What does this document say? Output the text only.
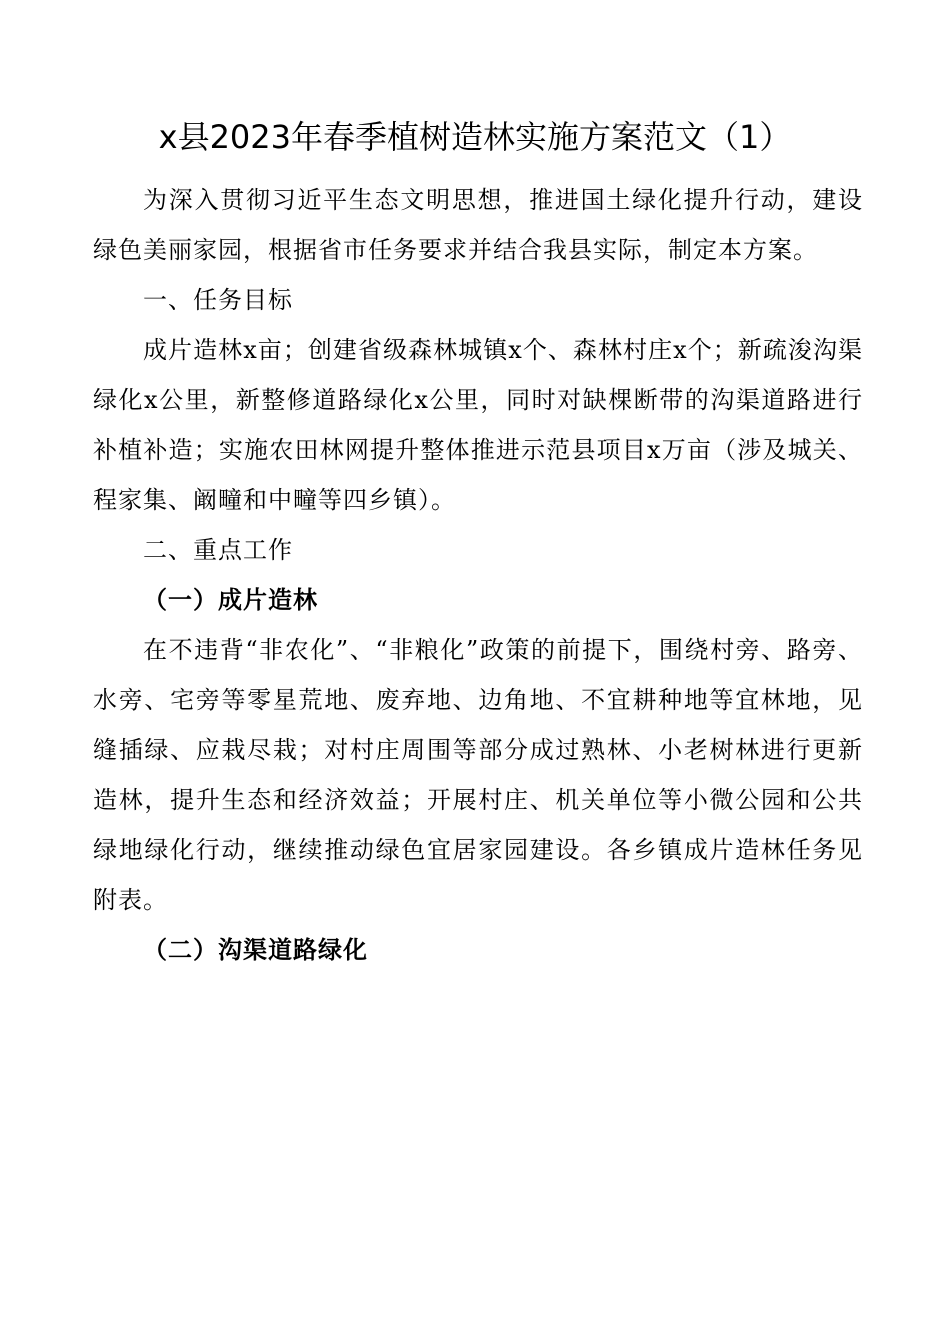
x县2023年春季植树造林实施方案范文（1）

为深入贯彻习近平生态文明思想，推进国土绿化提升行动，建设绿色美丽家园，根据省市任务要求并结合我县实际，制定本方案。

一、任务目标

成片造林x亩；创建省级森林城镇x个、森林村庄x个；新疏浚沟渠绿化x公里，新整修道路绿化x公里，同时对缺棵断带的沟渠道路进行补植补造；实施农田林网提升整体推进示范县项目x万亩（涉及城关、程家集、阚疃和中疃等四乡镇）。

二、重点工作

（一）成片造林

在不违背“非农化”、“非粮化”政策的前提下，围绕村旁、路旁、水旁、宅旁等零星荒地、废弃地、边角地、不宜耕种地等宜林地，见缝插绿、应栽尽栽；对村庄周围等部分成过熟林、小老树林进行更新造林，提升生态和经济效益；开展村庄、机关单位等小微公园和公共绿地绿化行动，继续推动绿色宜居家园建设。各乡镇成片造林任务见附表。

（二）沟渠道路绿化
